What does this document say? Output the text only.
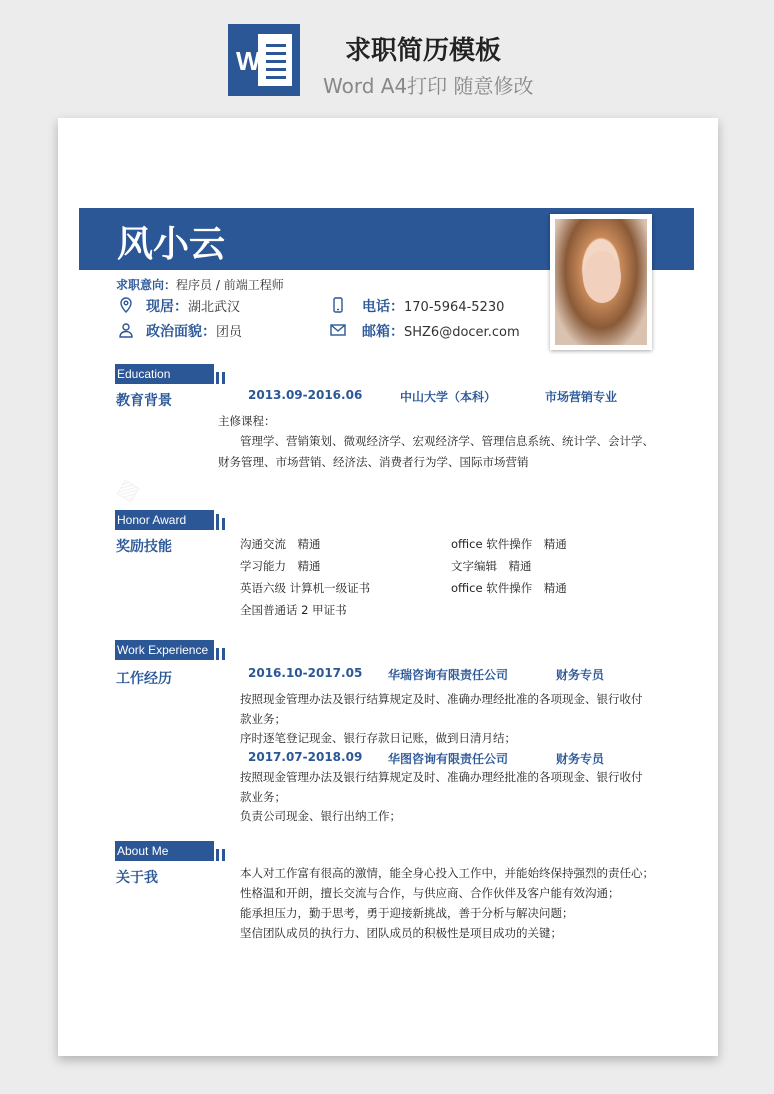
W	求职简历模板
Word A4打印 随意修改
▨
风小云
求职意向：程序员 / 前端工程师
现居：湖北武汉	电话：170-5964-5230
政治面貌：团员	邮箱：SHZ6@docer.com
Education
教育背景	2013.09-2016.06	中山大学（本科）	市场营销专业
主修课程：
管理学、营销策划、微观经济学、宏观经济学、管理信息系统、统计学、会计学、
财务管理、市场营销、经济法、消费者行为学、国际市场营销
Honor Award
奖励技能	沟通交流　精通	office 软件操作　精通
学习能力　精通	文字编辑　精通
英语六级 计算机一级证书	office 软件操作　精通
全国普通话 2 甲证书
Work Experience
工作经历	2016.10-2017.05 华瑞咨询有限责任公司	财务专员
按照现金管理办法及银行结算规定及时、准确办理经批准的各项现金、银行收付
款业务；
序时逐笔登记现金、银行存款日记账，做到日清月结；
2017.07-2018.09 华图咨询有限责任公司	财务专员
按照现金管理办法及银行结算规定及时、准确办理经批准的各项现金、银行收付
款业务；
负责公司现金、银行出纳工作；
About Me
关于我	本人对工作富有很高的激情，能全身心投入工作中，并能始终保持强烈的责任心；
性格温和开朗，擅长交流与合作，与供应商、合作伙伴及客户能有效沟通；
能承担压力，勤于思考，勇于迎接新挑战，善于分析与解决问题；
坚信团队成员的执行力、团队成员的积极性是项目成功的关键；
